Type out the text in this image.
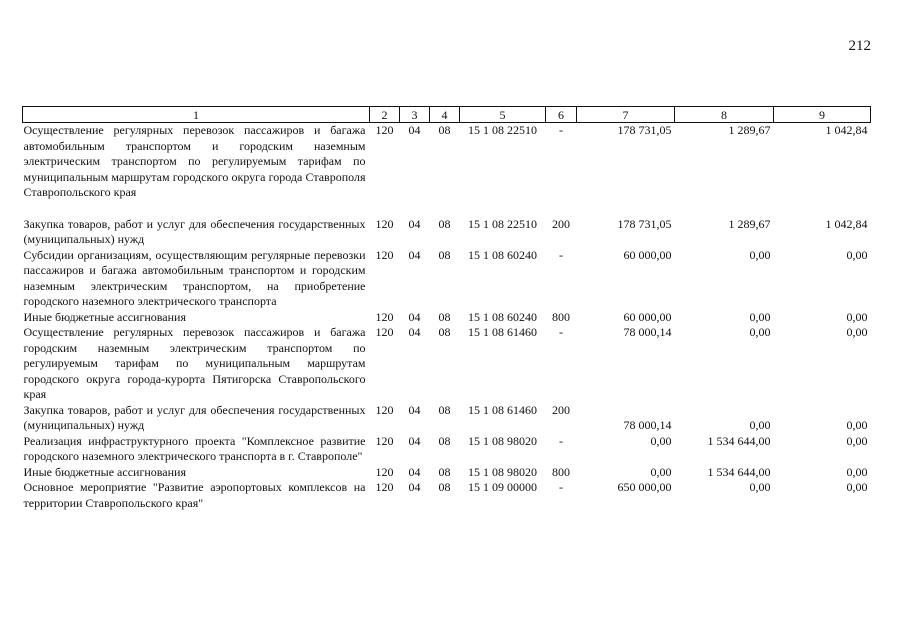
212
1	2	3	4	5	6	7	8	9
Осуществление регулярных перевозок пассажиров и багажа автомобильным транспортом и городским наземным электрическим транспортом по регулируемым тарифам по муниципальным маршрутам городского округа города Ставрополя Ставропольского края	120	04	08	15 1 08 22510	-	178 731,05	1 289,67	1 042,84
Закупка товаров, работ и услуг для обеспечения государственных (муниципальных) нужд	120	04	08	15 1 08 22510	200	178 731,05	1 289,67	1 042,84
Субсидии организациям, осуществляющим регулярные перевозки пассажиров и багажа автомобильным транспортом и городским наземным электрическим транспортом, на приобретение городского наземного электрического транспорта	120	04	08	15 1 08 60240	-	60 000,00	0,00	0,00
Иные бюджетные ассигнования	120	04	08	15 1 08 60240	800	60 000,00	0,00	0,00
Осуществление регулярных перевозок пассажиров и багажа городским наземным электрическим транспортом по регулируемым тарифам по муниципальным маршрутам городского округа города-курорта Пятигорска Ставропольского края	120	04	08	15 1 08 61460	-	78 000,14	0,00	0,00
Закупка товаров, работ и услуг для обеспечения государственных (муниципальных) нужд	120	04	08	15 1 08 61460	200	78 000,14	0,00	0,00
Реализация инфраструктурного проекта "Комплексное развитие городского наземного электрического транспорта в г. Ставрополе"	120	04	08	15 1 08 98020	-	0,00	1 534 644,00	0,00
Иные бюджетные ассигнования	120	04	08	15 1 08 98020	800	0,00	1 534 644,00	0,00
Основное мероприятие "Развитие аэропортовых комплексов на территории Ставропольского края"	120	04	08	15 1 09 00000	-	650 000,00	0,00	0,00
